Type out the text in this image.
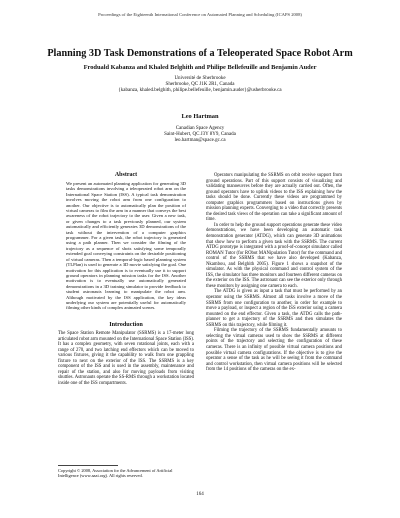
Proceedings of the Eighteenth International Conference on Automated Planning and Scheduling (ICAPS 2008)
Planning 3D Task Demonstrations of a Teleoperated Space Robot Arm
Froduald Kabanza and Khaled Belghith and Philipe Bellefeuille and Benjamin Auder
Université de Sherbrooke
Sherbrooke, QC J1K 2R1, Canada
{kabanza, khaled.belghith, philipe.bellefeuille, benjamin.auder}@usherbrooke.ca
Leo Hartman
Canadian Space Agency
Saint-Hubert, QC J3Y 8Y9, Canada
leo.hartman@space.gc.ca
Abstract
We present an automated planning application for generating 3D tasks demonstrations involving a teleoperated robot arm on the International Space Station (ISS). A typical task demonstration involves moving the robot arm from one configuration to another. Our objective is to automatically plan the position of virtual cameras to film the arm in a manner that conveys the best awareness of the robot trajectory to the user. Given a new task, or given changes to a task previously planned, our system automatically and efficiently generates 3D demonstrations of the task without the intervention of a computer graphics programmer. For a given task, the robot trajectory is generated using a path planner. Then we consider the filming of the trajectory as a sequence of shots satisfying some temporally extended goal conveying constraints on the desirable positioning of virtual cameras. Then a temporal-logic based planning system (TLPlan) is used to generate a 3D movie satisfying the goal. One motivation for this application is to eventually use it to support ground operators in planning mission tasks for the ISS. Another motivation is to eventually use automatically generated demonstrations in a 3D training simulator to provide feedback to student astronauts learning to manipulate the robot arm. Although motivated by the ISS application, the key ideas underlying our system are potentially useful for automatically filming other kinds of complex animated scenes.
Introduction

The Space Station Remote Manipulator (SSRMS) is a 17-meter long articulated robot arm mounted on the International Space Station (ISS). It has a complex geometry, with seven rotational joints, each with a range of 270, and two latching end effectors which can be moved to various fixtures, giving it the capability to walk from one grappling fixture to next on the exterior of the ISS. The SSRMS is a key component of the ISS and is used in the assembly, maintenance and repair of the station, and also for moving payloads from visiting shuttles. Astronauts operate the SS-RMS through a workstation located inside one of the ISS compartments.

Copyright © 2008, Association for the Advancement of Artificial Intelligence (www.aaai.org). All rights reserved.

Operators manipulating the SSRMS on orbit receive support from ground operations. Part of this support consists of visualizing and validating manoeuvres before they are actually carried out. Often, the ground operators have to uplink videos to the ISS explaining how the tasks should be done. Currently these videos are programmed by computer graphics programmers based on instructions given by mission planning experts. Converging to a video that correctly presents the desired task views of the operation can take a significant amount of time.

In order to help the ground support operations generate these video demonstrations, we have been developing an automatic task demonstration generator (ATDG), which can generate 3D animations that show how to perform a given task with the SSRMS. The current ATDG prototype is integrated with a proof-of-concept simulator called ROMAN Tutor (for RObot MANipulation Tutor) for the command and control of the SSRMS that we have also developed (Kabanza, Nkambou, and Belghith 2005). Figure 1 shows a snapshot of the simulator. As with the physical command and control system of the ISS, the simulator has three monitors and fourteen different cameras on the exterior on the ISS. The astronaut can see the exterior only through these monitors by assigning one camera to each.

The ATDG is given as input a task that must be performed by an operator using the SSRMS. Almost all tasks involve a move of the SSRMS from one configuration to another, in order for example to move a payload, or inspect a region of the ISS exterior using a camera mounted on the end effector. Given a task, the ATDG calls the path-planner to get a trajectory of the SSRMS and then simulates the SSRMS on this trajectory, while filming it.

Filming the trajectory of the SSRMS fundamentally amounts to selecting the virtual cameras used to show the SSRMS at different points of the trajectory and selecting the configuration of these cameras. There is an infinity of possible virtual camera positions and possible virtual camera configurations. If the objective is to give the operator a sense of the task as he will be seeing it from the command and control workstation, then virtual camera positions will be selected from the 14 positions of the cameras on the ex-

164
